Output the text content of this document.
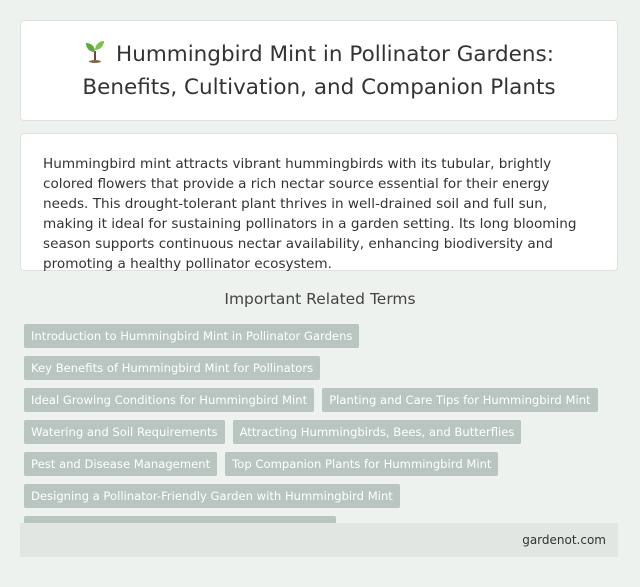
Hummingbird Mint in Pollinator Gardens:
Benefits, Cultivation, and Companion Plants

Hummingbird mint attracts vibrant hummingbirds with its tubular, brightly colored flowers that provide a rich nectar source essential for their energy needs. This drought-tolerant plant thrives in well-drained soil and full sun, making it ideal for sustaining pollinators in a garden setting. Its long blooming season supports continuous nectar availability, enhancing biodiversity and promoting a healthy pollinator ecosystem.

Important Related Terms
Introduction to Hummingbird Mint in Pollinator Gardens
Key Benefits of Hummingbird Mint for Pollinators
Ideal Growing Conditions for Hummingbird Mint	Planting and Care Tips for Hummingbird Mint
Watering and Soil Requirements	Attracting Hummingbirds, Bees, and Butterflies
Pest and Disease Management	Top Companion Plants for Hummingbird Mint
Designing a Pollinator-Friendly Garden with Hummingbird Mint
gardenot.com
